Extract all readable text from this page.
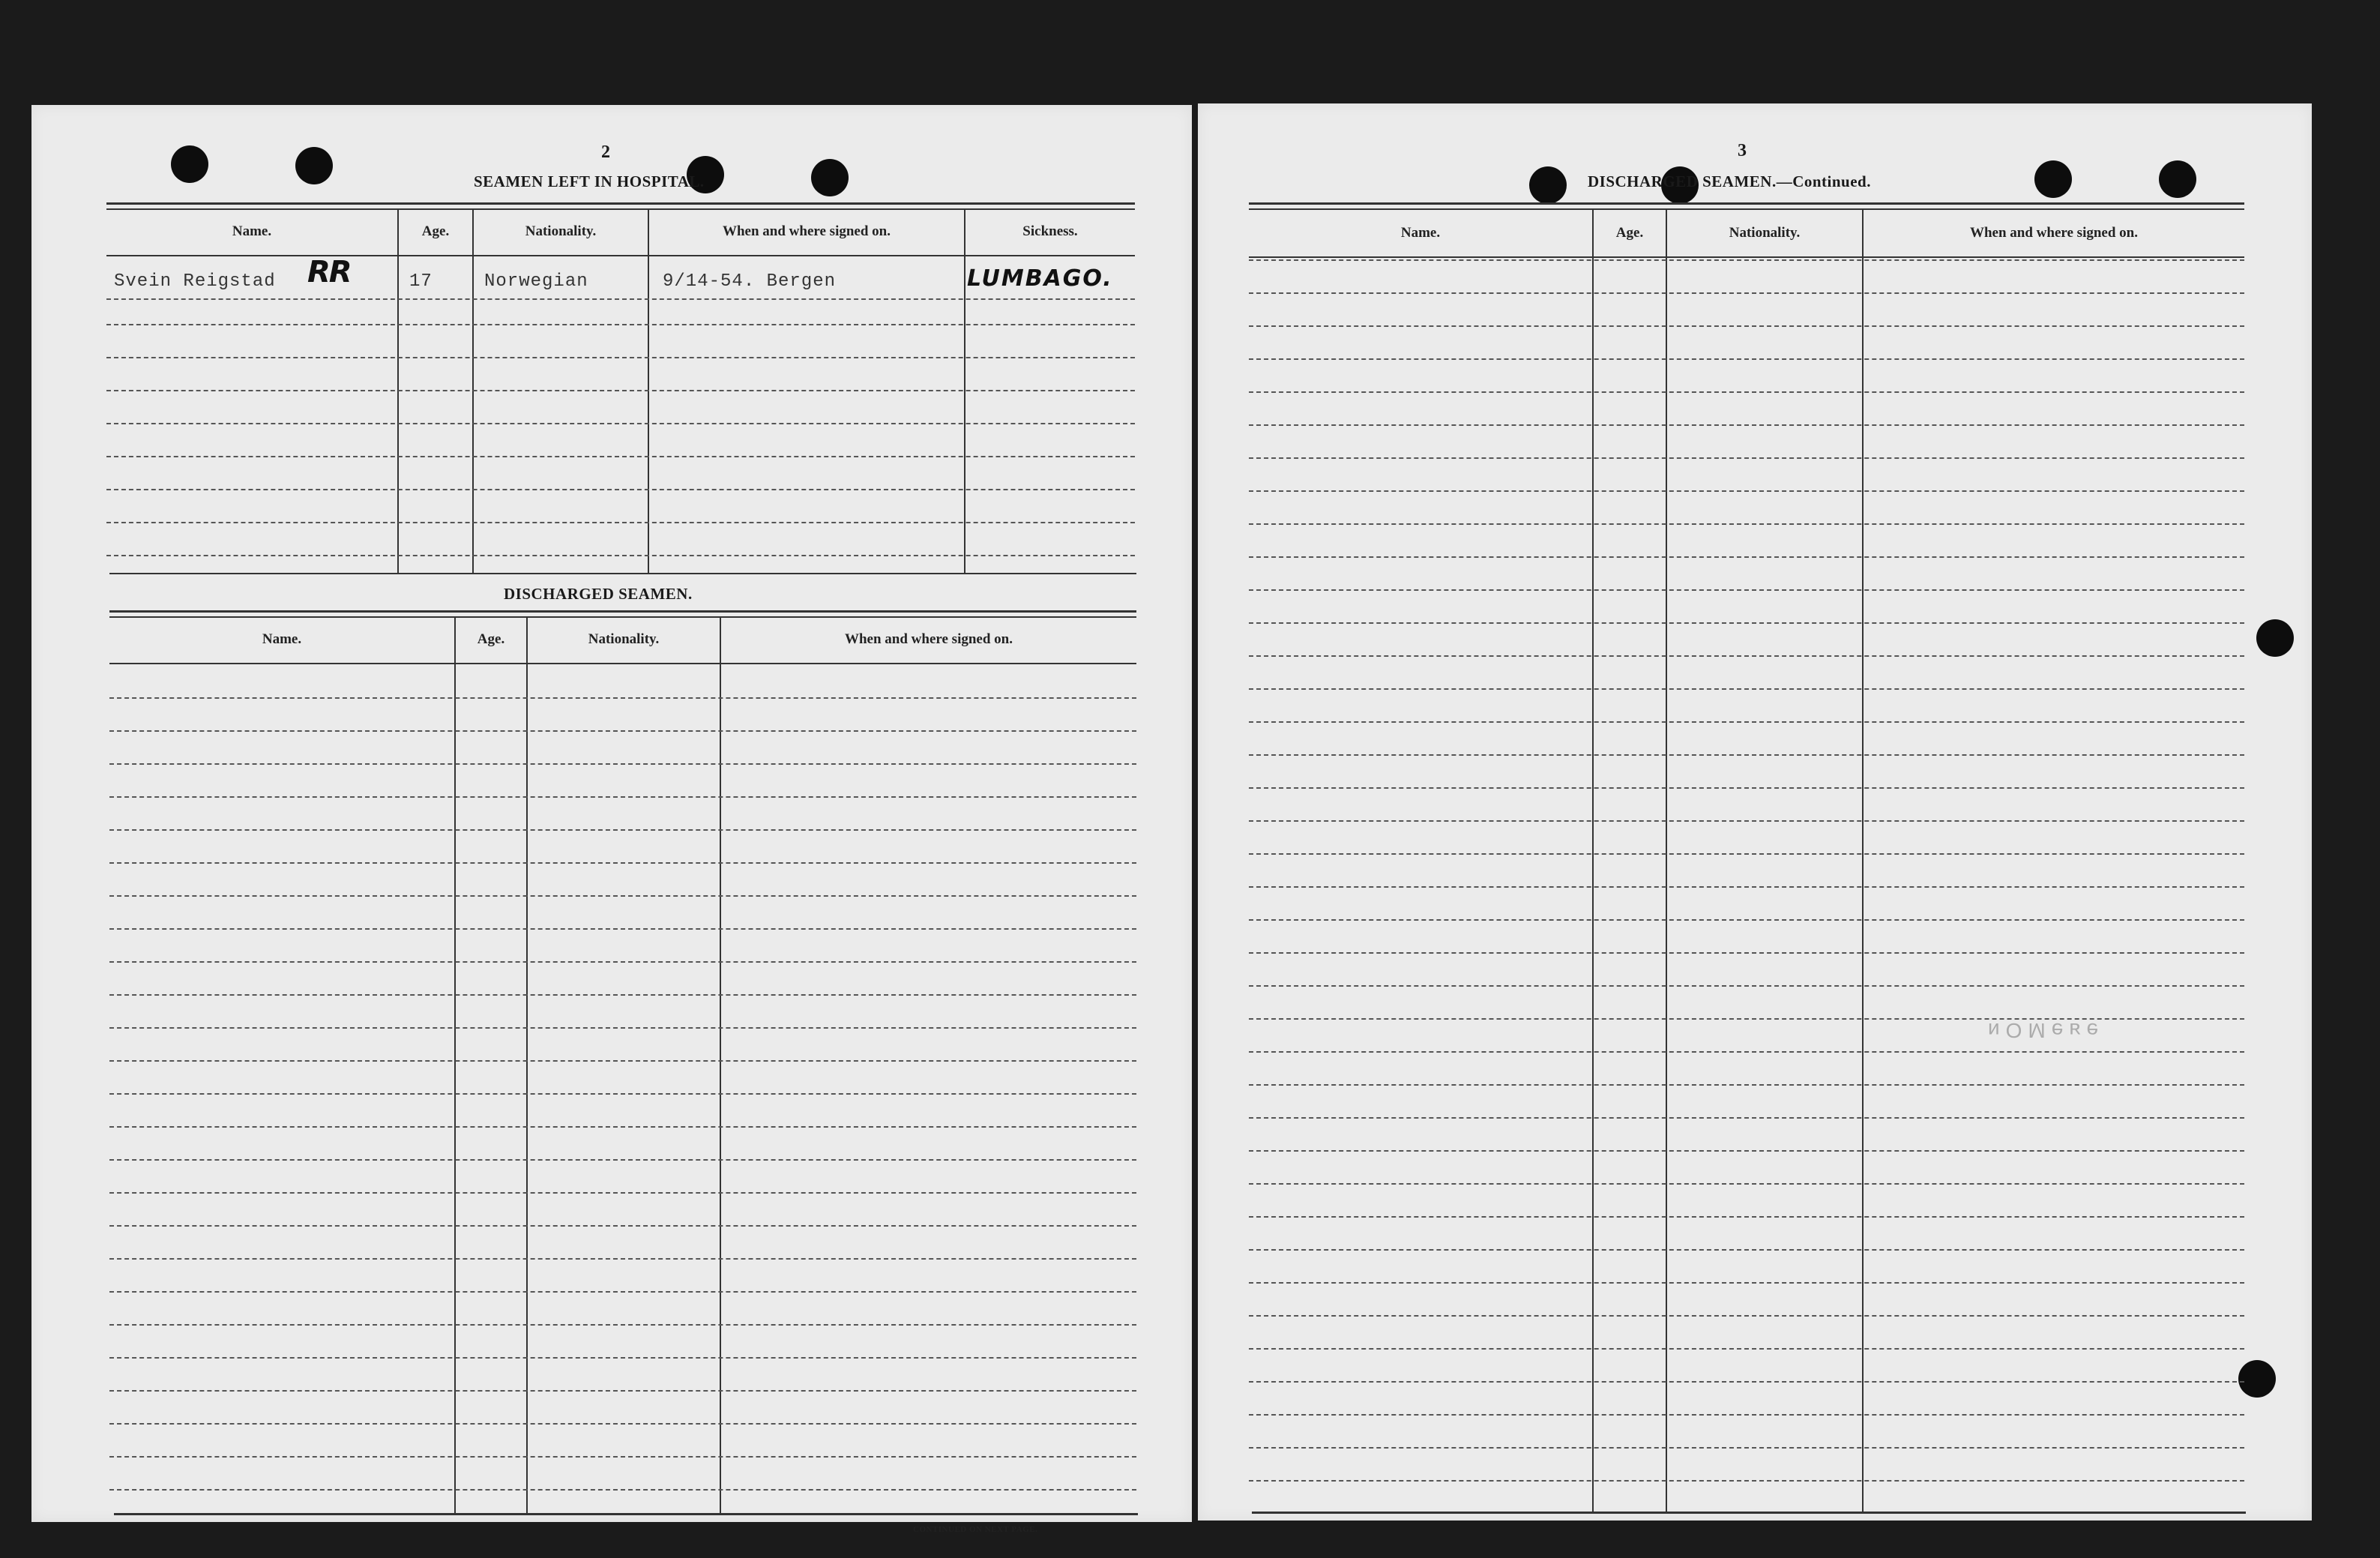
2
SEAMEN LEFT IN HOSPITAL.
Name.	Age.	Nationality.	When and where signed on.	Sickness.
Svein Reigstad RR	17	Norwegian	9/14-54. Bergen	LUMBAGO.
DISCHARGED SEAMEN.
Name.	Age.	Nationality.	When and where signed on.
CONTINUED ON NEXT PAGE.
3
DISCHARGED SEAMEN.—Continued.
Name.	Age.	Nationality.	When and where signed on.
ɘᴚɘMOᴎ
